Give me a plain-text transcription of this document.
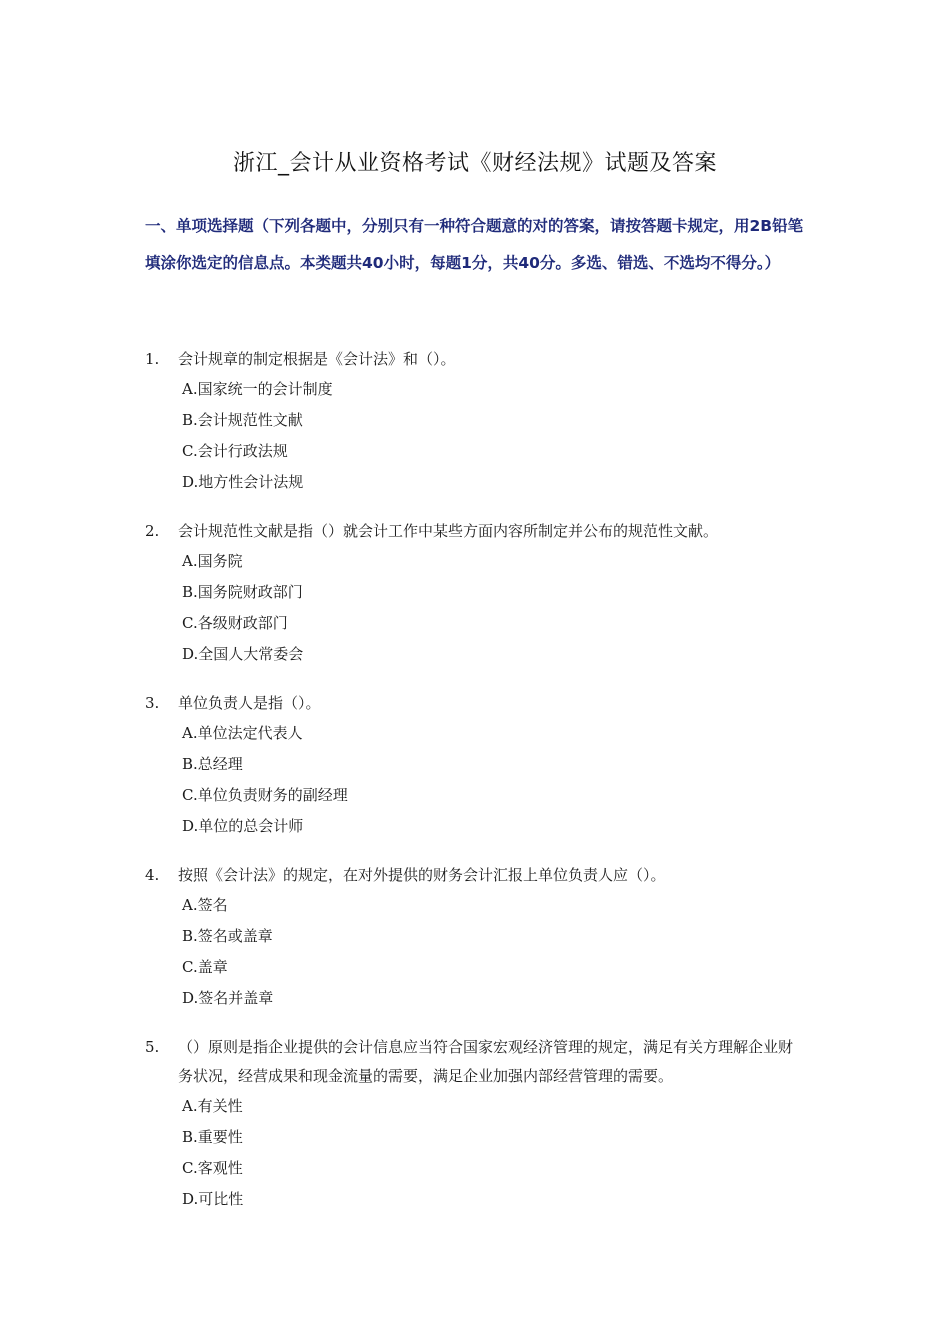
浙江_会计从业资格考试《财经法规》试题及答案
一、单项选择题（下列各题中，分别只有一种符合题意的对的答案，请按答题卡规定，用2B铅笔填涂你选定的信息点。本类题共40小时，每题1分，共40分。多选、错选、不选均不得分。）
1.	会计规章的制定根据是《会计法》和（）。
A.国家统一的会计制度
B.会计规范性文献
C.会计行政法规
D.地方性会计法规
2.	会计规范性文献是指（）就会计工作中某些方面内容所制定并公布的规范性文献。
A.国务院
B.国务院财政部门
C.各级财政部门
D.全国人大常委会
3.	单位负责人是指（）。
A.单位法定代表人
B.总经理
C.单位负责财务的副经理
D.单位的总会计师
4.	按照《会计法》的规定，在对外提供的财务会计汇报上单位负责人应（）。
A.签名
B.签名或盖章
C.盖章
D.签名并盖章
5.	（）原则是指企业提供的会计信息应当符合国家宏观经济管理的规定，满足有关方理解企业财务状况，经营成果和现金流量的需要，满足企业加强内部经营管理的需要。
A.有关性
B.重要性
C.客观性
D.可比性
